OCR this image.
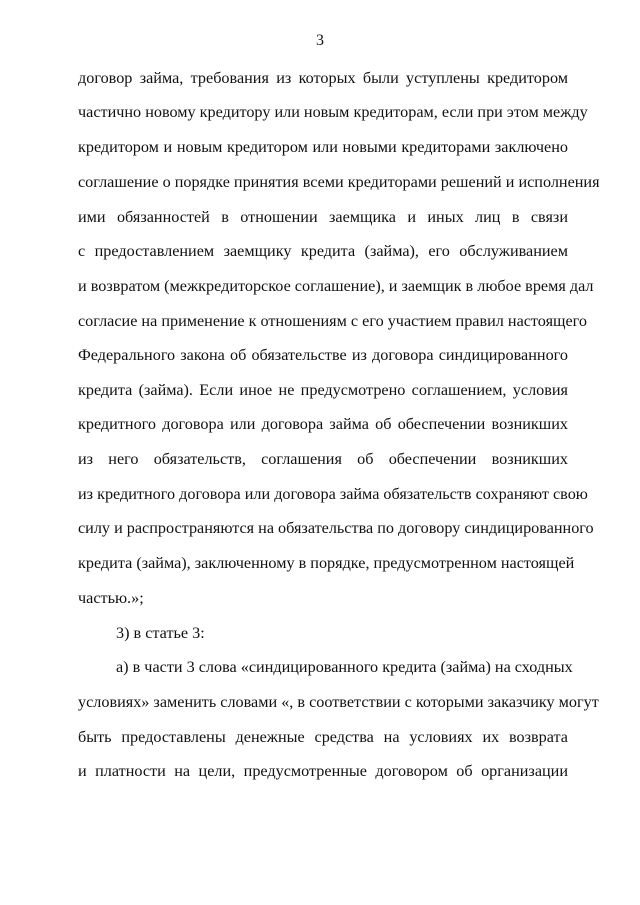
3
договор займа, требования из которых были уступлены кредитором
частично новому кредитору или новым кредиторам, если при этом между
кредитором и новым кредитором или новыми кредиторами заключено
соглашение о порядке принятия всеми кредиторами решений и исполнения
ими обязанностей в отношении заемщика и иных лиц в связи
с предоставлением заемщику кредита (займа), его обслуживанием
и возвратом (межкредиторское соглашение), и заемщик в любое время дал
согласие на применение к отношениям с его участием правил настоящего
Федерального закона об обязательстве из договора синдицированного
кредита (займа). Если иное не предусмотрено соглашением, условия
кредитного договора или договора займа об обеспечении возникших
из него обязательств, соглашения об обеспечении возникших
из кредитного договора или договора займа обязательств сохраняют свою
силу и распространяются на обязательства по договору синдицированного
кредита (займа), заключенному в порядке, предусмотренном настоящей
частью.»;
3) в статье 3:
а) в части 3 слова «синдицированного кредита (займа) на сходных
условиях» заменить словами «, в соответствии с которыми заказчику могут
быть предоставлены денежные средства на условиях их возврата
и платности на цели, предусмотренные договором об организации
